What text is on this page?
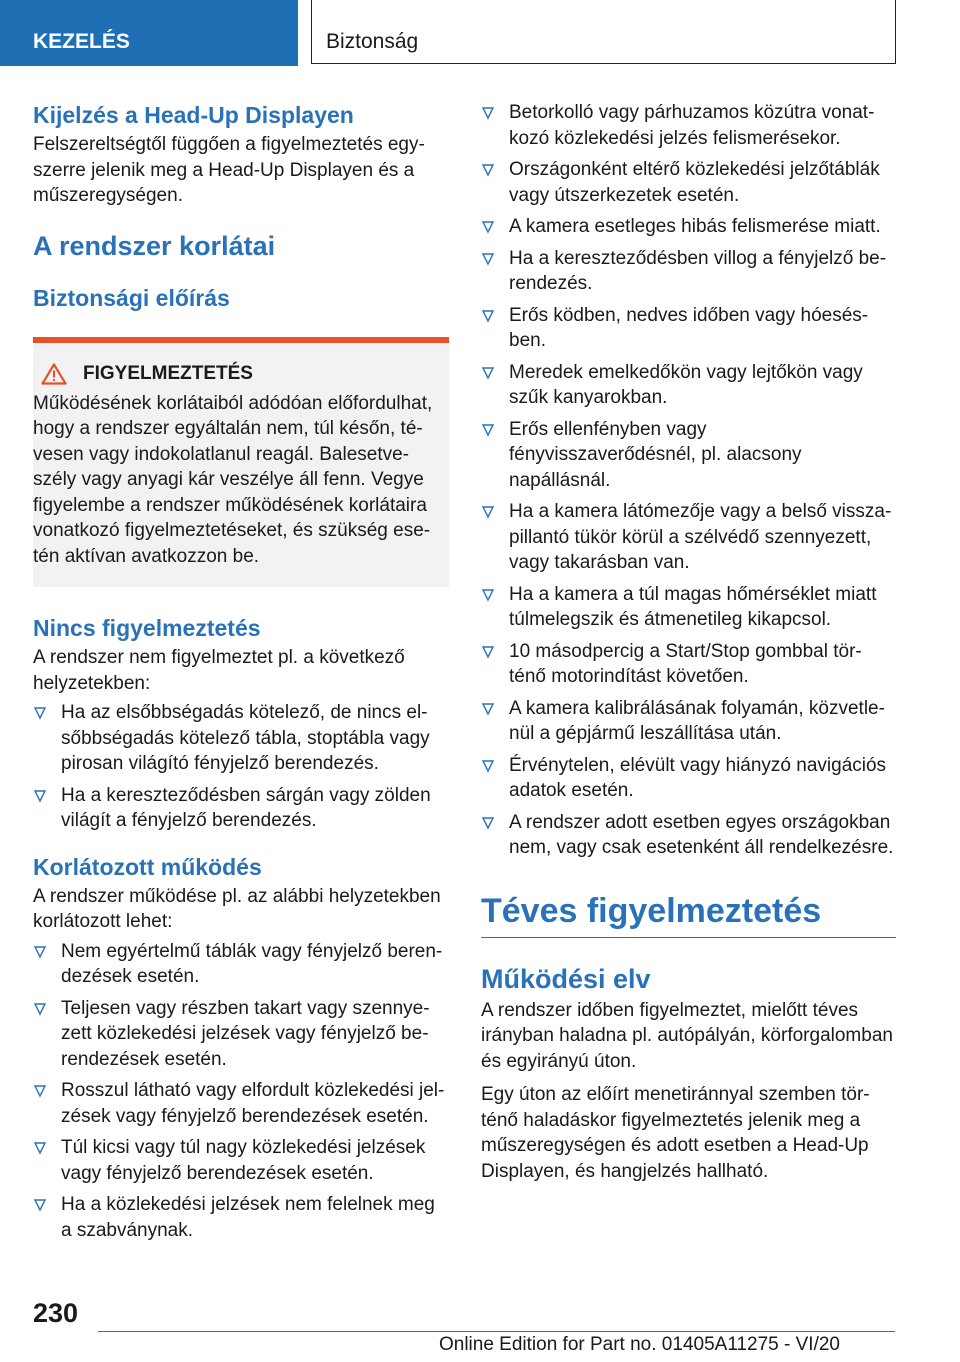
KEZELÉS	Biztonság
Kijelzés a Head-Up Displayen
Felszereltségtől függően a figyelmeztetés egy-szerre jelenik meg a Head-Up Displayen és a műszeregységen.
A rendszer korlátai
Biztonsági előírás
FIGYELMEZTETÉS
Működésének korlátaiból adódóan előfordulhat, hogy a rendszer egyáltalán nem, túl későn, té-vesen vagy indokolatlanul reagál. Balesetve-szély vagy anyagi kár veszélye áll fenn. Vegye figyelembe a rendszer működésének korlátaira vonatkozó figyelmeztetéseket, és szükség ese-tén aktívan avatkozzon be.
Nincs figyelmeztetés
A rendszer nem figyelmeztet pl. a következő helyzetekben:
Ha az elsőbbségadás kötelező, de nincs el-sőbbségadás kötelező tábla, stoptábla vagy pirosan világító fényjelző berendezés.
Ha a kereszteződésben sárgán vagy zölden világít a fényjelző berendezés.
Korlátozott működés
A rendszer működése pl. az alábbi helyzetekben korlátozott lehet:
Nem egyértelmű táblák vagy fényjelző beren-dezések esetén.
Teljesen vagy részben takart vagy szennye-zett közlekedési jelzések vagy fényjelző be-rendezések esetén.
Rosszul látható vagy elfordult közlekedési jel-zések vagy fényjelző berendezések esetén.
Túl kicsi vagy túl nagy közlekedési jelzések vagy fényjelző berendezések esetén.
Ha a közlekedési jelzések nem felelnek meg a szabványnak.
Betorkolló vagy párhuzamos közútra vonat-kozó közlekedési jelzés felismerésekor.
Országonként eltérő közlekedési jelzőtáblák vagy útszerkezetek esetén.
A kamera esetleges hibás felismerése miatt.
Ha a kereszteződésben villog a fényjelző be-rendezés.
Erős ködben, nedves időben vagy hóesés-ben.
Meredek emelkedőkön vagy lejtőkön vagy szűk kanyarokban.
Erős ellenfényben vagy fényvisszaverődésnél, pl. alacsony napállásnál.
Ha a kamera látómezője vagy a belső vissza-pillantó tükör körül a szélvédő szennyezett, vagy takarásban van.
Ha a kamera a túl magas hőmérséklet miatt túlmelegszik és átmenetileg kikapcsol.
10 másodpercig a Start/Stop gombbal tör-ténő motorindítást követően.
A kamera kalibrálásának folyamán, közvetle-nül a gépjármű leszállítása után.
Érvénytelen, elévült vagy hiányzó navigációs adatok esetén.
A rendszer adott esetben egyes országokban nem, vagy csak esetenként áll rendelkezésre.
Téves figyelmeztetés
Működési elv
A rendszer időben figyelmeztet, mielőtt téves irányban haladna pl. autópályán, körforgalomban és egyirányú úton.
Egy úton az előírt menetiránnyal szemben tör-ténő haladáskor figyelmeztetés jelenik meg a műszeregységen és adott esetben a Head-Up Displayen, és hangjelzés hallható.
230
Online Edition for Part no. 01405A11275 - VI/20
